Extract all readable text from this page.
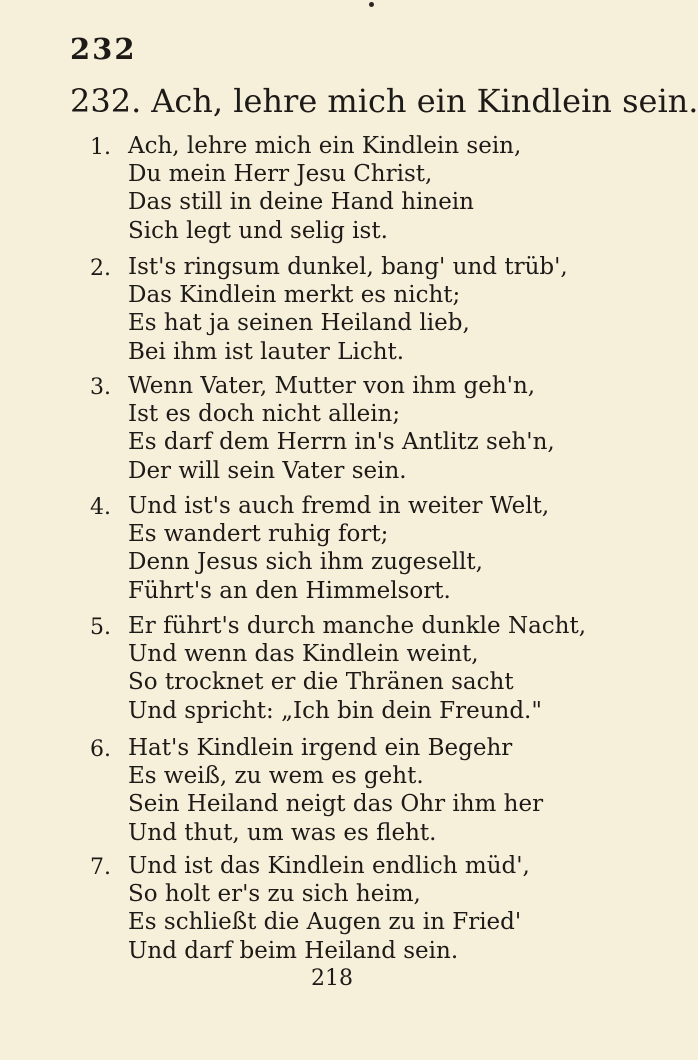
232
232. Ach, lehre mich ein Kindlein sein.
1. Ach, lehre mich ein Kindlein sein,
Du mein Herr Jesu Christ,
Das still in deine Hand hinein
Sich legt und selig ist.
2. Ist's ringsum dunkel, bang' und trüb',
Das Kindlein merkt es nicht;
Es hat ja seinen Heiland lieb,
Bei ihm ist lauter Licht.
3. Wenn Vater, Mutter von ihm geh'n,
Ist es doch nicht allein;
Es darf dem Herrn in's Antlitz seh'n,
Der will sein Vater sein.
4. Und ist's auch fremd in weiter Welt,
Es wandert ruhig fort;
Denn Jesus sich ihm zugesellt,
Führt's an den Himmelsort.
5. Er führt's durch manche dunkle Nacht,
Und wenn das Kindlein weint,
So trocknet er die Thränen sacht
Und spricht: „Ich bin dein Freund."
6. Hat's Kindlein irgend ein Begehr
Es weiß, zu wem es geht.
Sein Heiland neigt das Ohr ihm her
Und thut, um was es fleht.
7. Und ist das Kindlein endlich müd',
So holt er's zu sich heim,
Es schließt die Augen zu in Fried'
Und darf beim Heiland sein.
218
